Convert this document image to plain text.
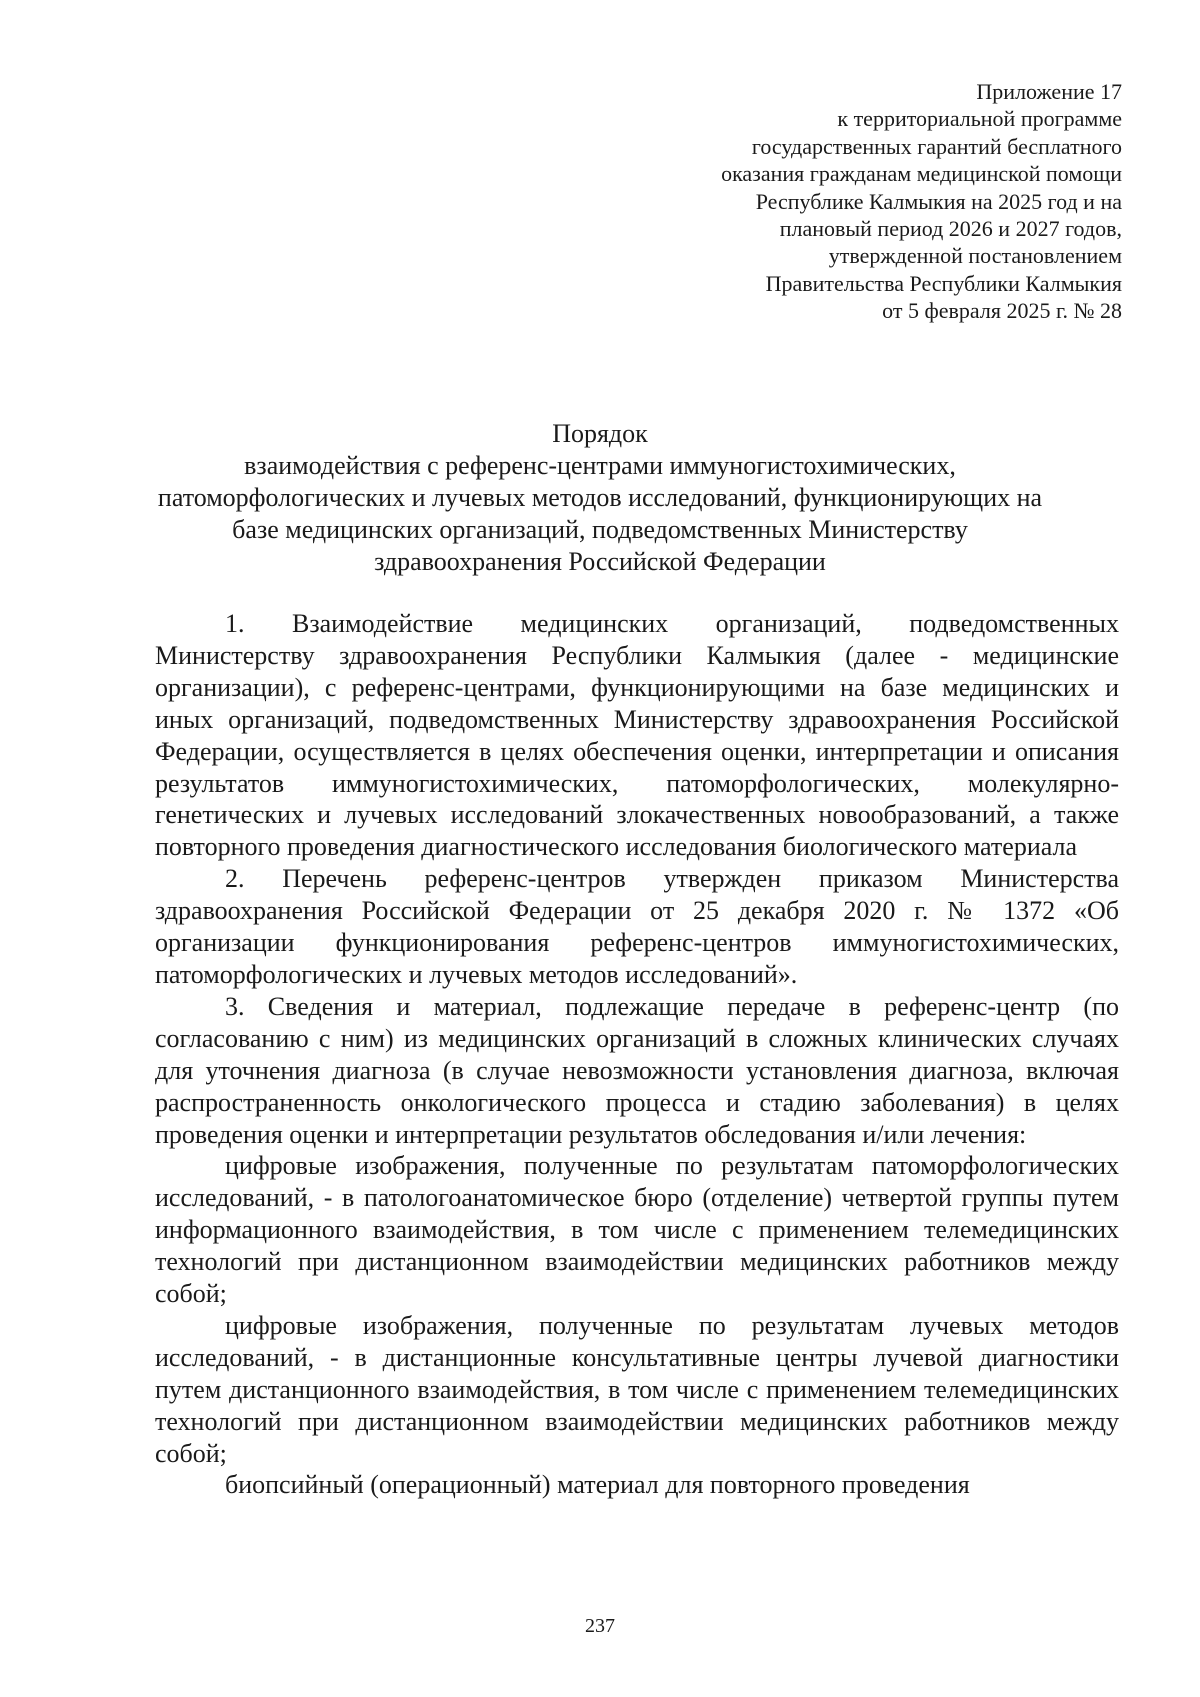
Приложение 17
к территориальной программе
государственных гарантий бесплатного
оказания гражданам медицинской помощи
Республике Калмыкия на 2025 год и на
плановый период 2026 и 2027 годов,
утвержденной постановлением
Правительства Республики Калмыкия
от 5 февраля 2025 г. № 28
Порядок
взаимодействия с референс-центрами иммуногистохимических,
патоморфологических и лучевых методов исследований, функционирующих на
базе медицинских организаций, подведомственных Министерству
здравоохранения Российской Федерации

1. Взаимодействие медицинских организаций, подведомственных Министерству здравоохранения Республики Калмыкия (далее - медицинские организации), с референс-центрами, функционирующими на базе медицинских и иных организаций, подведомственных Министерству здравоохранения Российской Федерации, осуществляется в целях обеспечения оценки, интерпретации и описания результатов иммуногистохимических, патоморфологических, молекулярно-генетических и лучевых исследований злокачественных новообразований, а также повторного проведения диагностического исследования биологического материала

2. Перечень референс-центров утвержден приказом Министерства здравоохранения Российской Федерации от 25 декабря 2020 г. № 1372 «Об организации функционирования референс-центров иммуногистохимических, патоморфологических и лучевых методов исследований».

3. Сведения и материал, подлежащие передаче в референс-центр (по согласованию с ним) из медицинских организаций в сложных клинических случаях для уточнения диагноза (в случае невозможности установления диагноза, включая распространенность онкологического процесса и стадию заболевания) в целях проведения оценки и интерпретации результатов обследования и/или лечения:

цифровые изображения, полученные по результатам патоморфологических исследований, - в патологоанатомическое бюро (отделение) четвертой группы путем информационного взаимодействия, в том числе с применением телемедицинских технологий при дистанционном взаимодействии медицинских работников между собой;

цифровые изображения, полученные по результатам лучевых методов исследований, - в дистанционные консультативные центры лучевой диагностики путем дистанционного взаимодействия, в том числе с применением телемедицинских технологий при дистанционном взаимодействии медицинских работников между собой;

биопсийный (операционный) материал для повторного проведения

237
